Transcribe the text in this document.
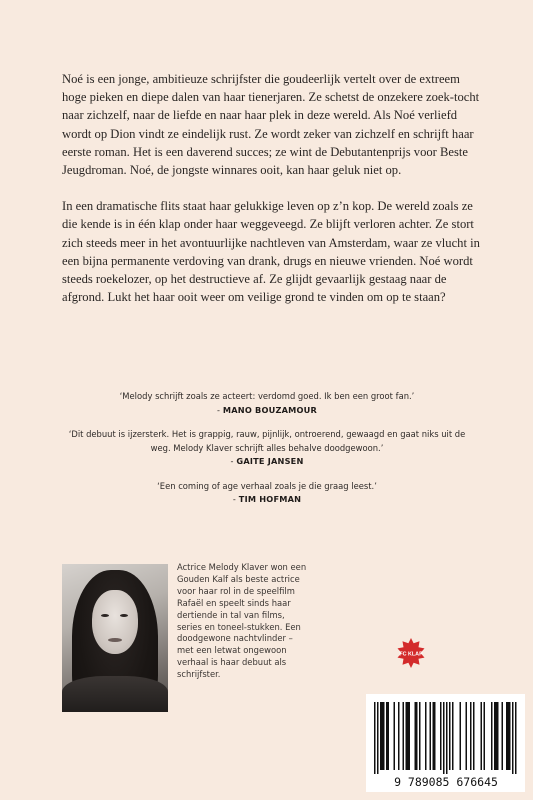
Noé is een jonge, ambitieuze schrijfster die goudeerlijk vertelt over de extreem hoge pieken en diepe dalen van haar tienerjaren. Ze schetst de onzekere zoek-tocht naar zichzelf, naar de liefde en naar haar plek in deze wereld. Als Noé verliefd wordt op Dion vindt ze eindelijk rust. Ze wordt zeker van zichzelf en schrijft haar eerste roman. Het is een daverend succes; ze wint de Debutantenprijs voor Beste Jeugdroman. Noé, de jongste winnares ooit, kan haar geluk niet op.

In een dramatische flits staat haar gelukkige leven op z’n kop. De wereld zoals ze die kende is in één klap onder haar weggeveegd. Ze blijft verloren achter. Ze stort zich steeds meer in het avontuurlijke nachtleven van Amsterdam, waar ze vlucht in een bijna permanente verdoving van drank, drugs en nieuwe vrienden. Noé wordt steeds roekelozer, op het destructieve af. Ze glijdt gevaarlijk gestaag naar de afgrond. Lukt het haar ooit weer om veilige grond te vinden om op te staan?

‘Melody schrijft zoals ze acteert: verdomd goed. Ik ben een groot fan.’
- MANO BOUZAMOUR
‘Dit debuut is ijzersterk. Het is grappig, rauw, pijnlijk, ontroerend, gewaagd en gaat niks uit de weg. Melody Klaver schrijft alles behalve doodgewoon.’
- GAITE JANSEN
‘Een coming of age verhaal zoals je die graag leest.’
- TIM HOFMAN
Actrice Melody Klaver won een Gouden Kalf als beste actrice voor haar rol in de speelfilm Rafaël en speelt sinds haar dertiende in tal van films, series en toneel-stukken. Een doodgewone nachtvlinder – met een letwat ongewoon verhaal is haar debuut als schrijfster.
FC KLAP
9 789085 676645
